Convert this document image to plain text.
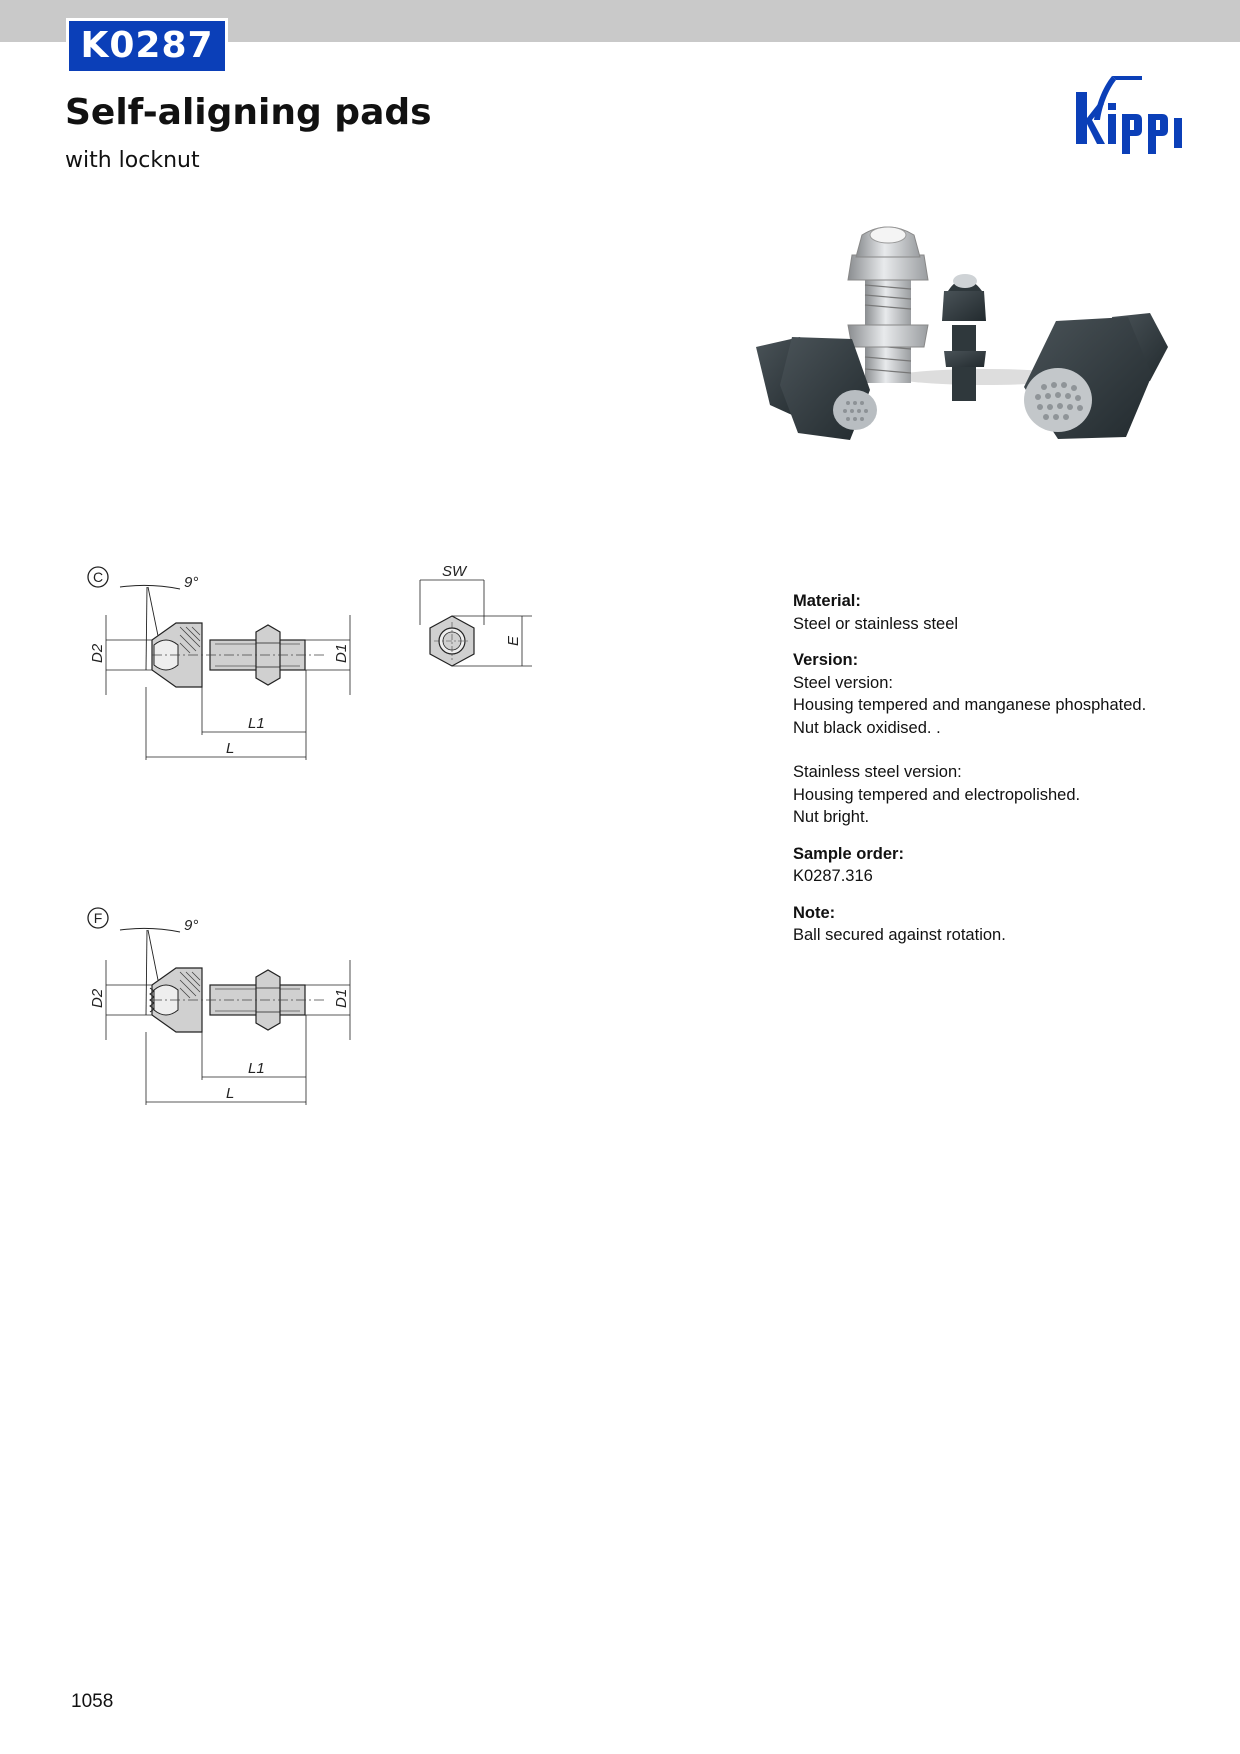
K0287
Self-aligning pads
with locknut
C	9°
D2	D1
L1
L
SW
E
F	9°
D2	D1
L1
L
Material:
Steel or stainless steel
Version:
Steel version:
Housing tempered and manganese phosphated.
Nut black oxidised. .
Stainless steel version:
Housing tempered and electropolished.
Nut bright.
Sample order:
K0287.316
Note:
Ball secured against rotation.
1058
